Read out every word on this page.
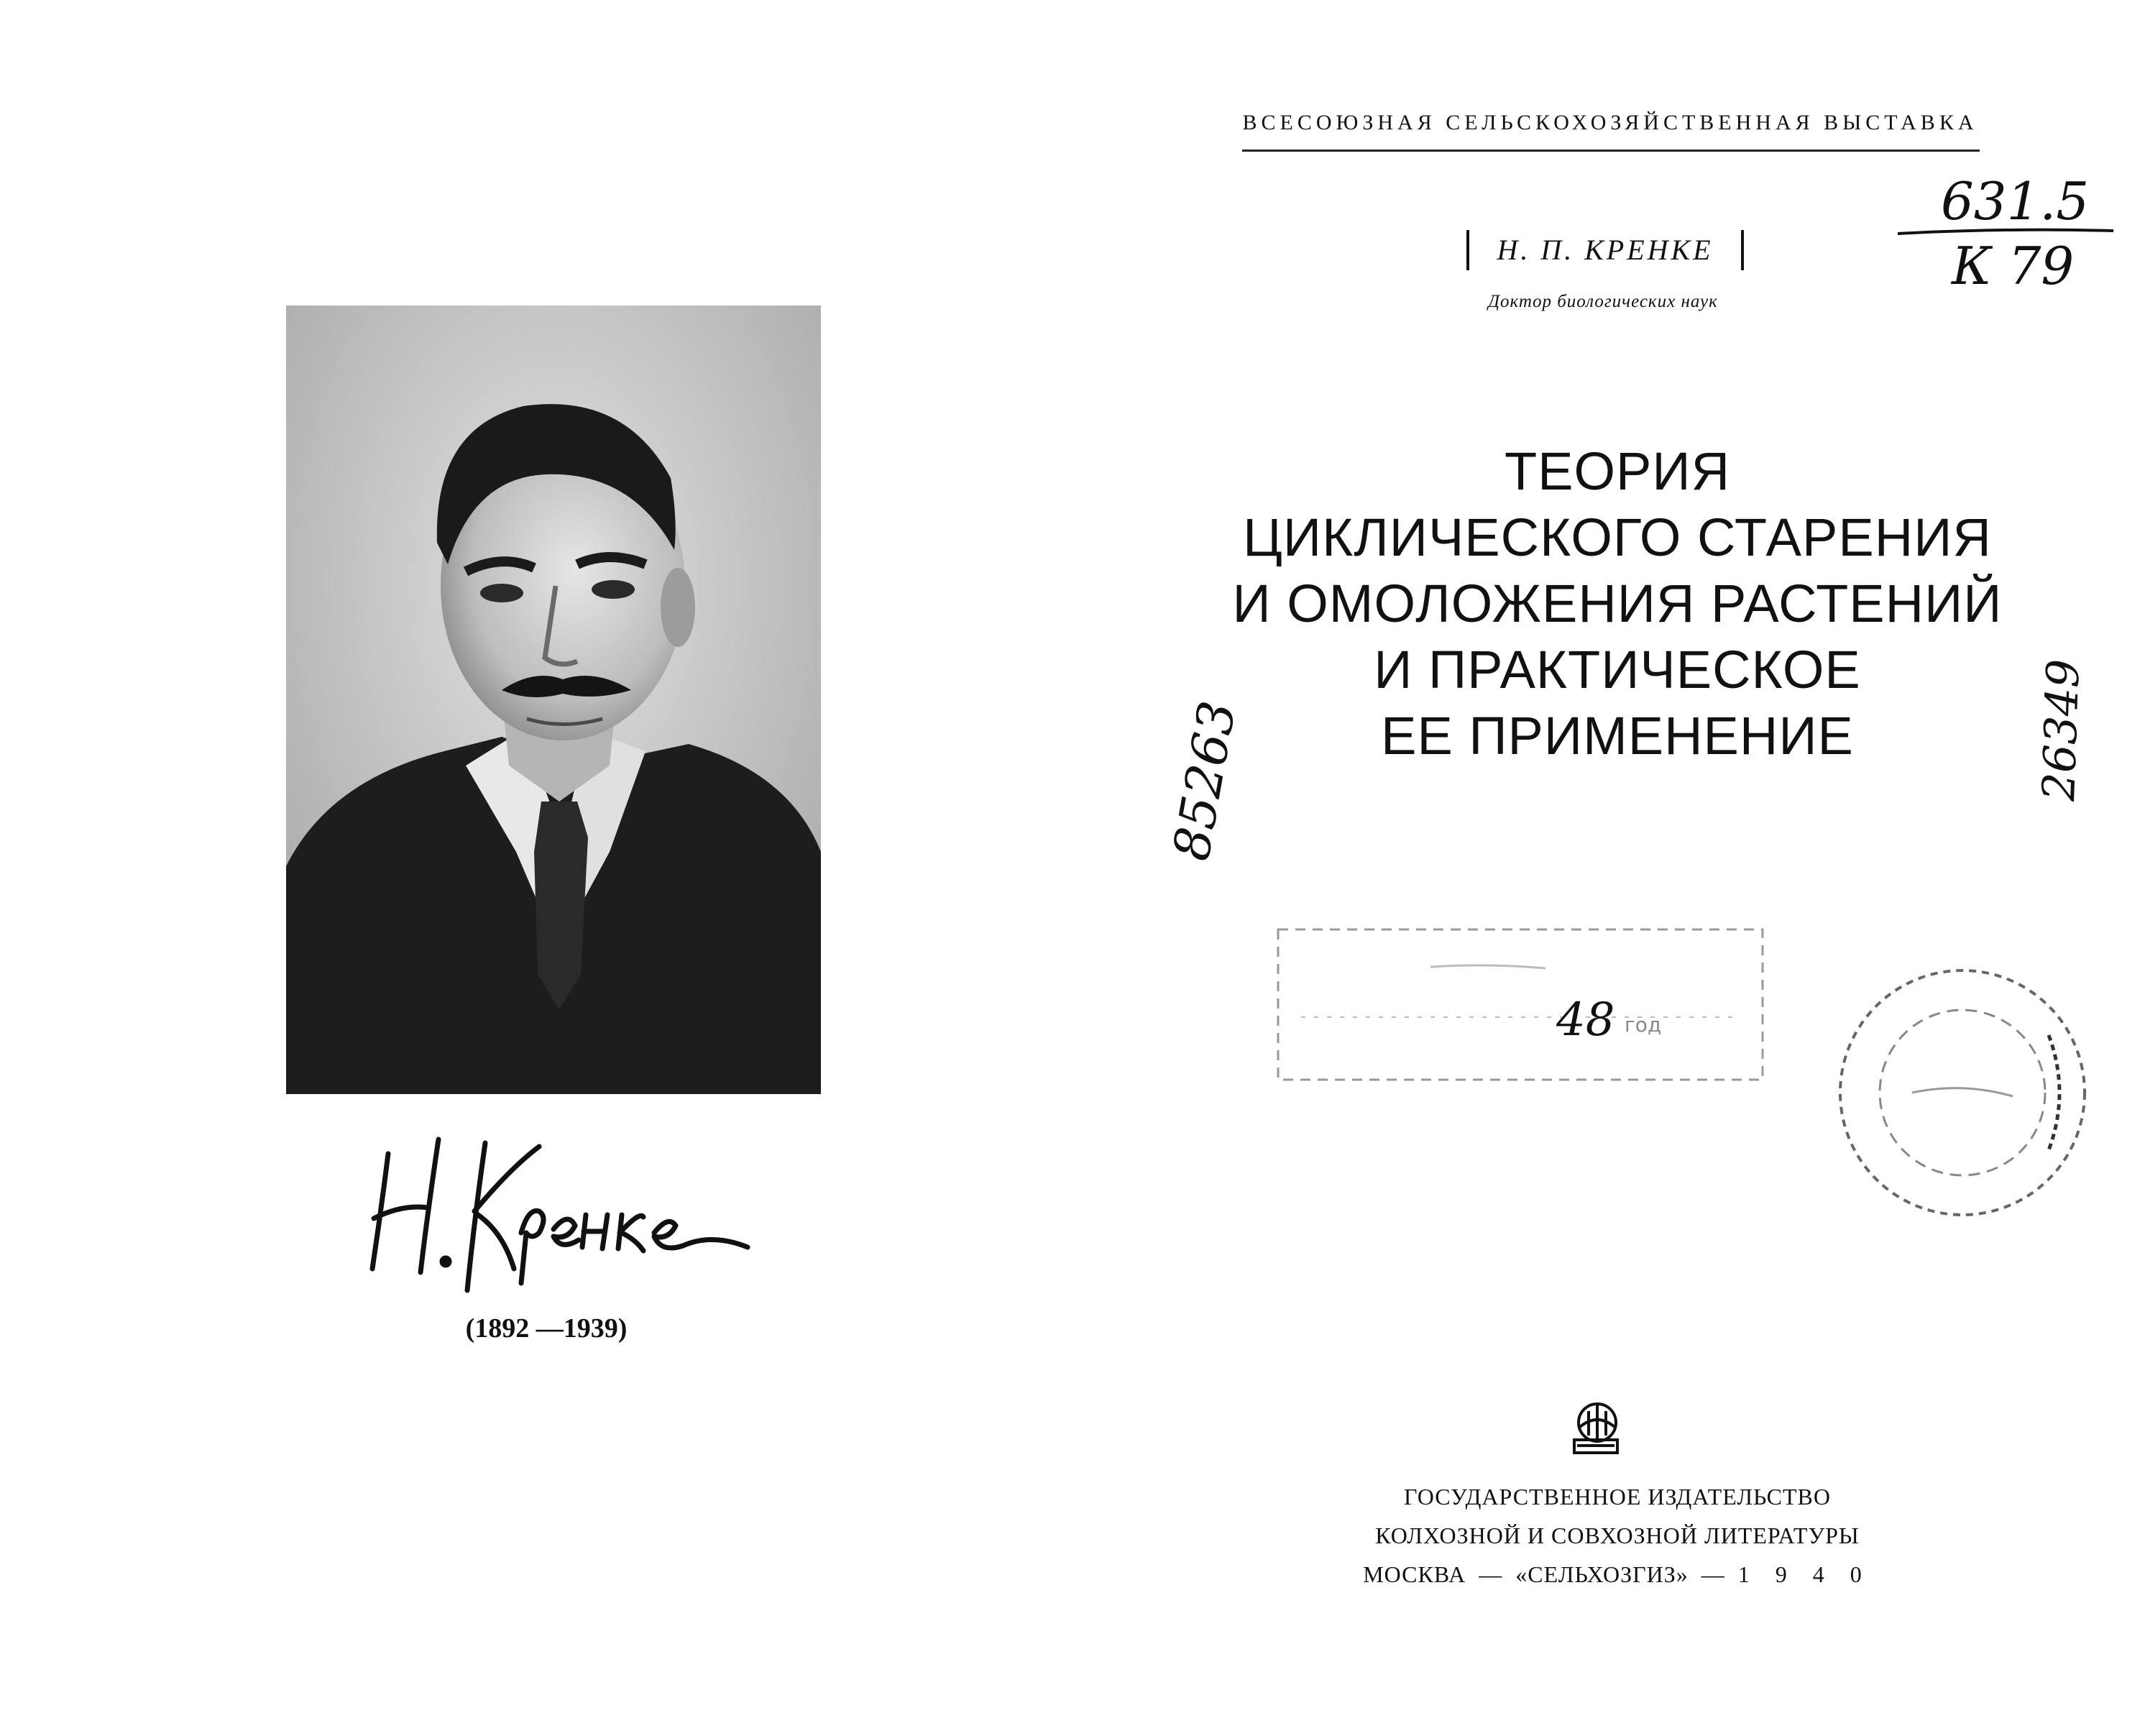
(1892 —1939)
ВСЕСОЮЗНАЯ СЕЛЬСКОХОЗЯЙСТВЕННАЯ ВЫСТАВКА
Н. П. КРЕНКЕ
Доктор биологических наук
ТЕОРИЯ
ЦИКЛИЧЕСКОГО СТАРЕНИЯ
И ОМОЛОЖЕНИЯ РАСТЕНИЙ
И ПРАКТИЧЕСКОЕ
ЕЕ ПРИМЕНЕНИЕ
ГОСУДАРСТВЕННОЕ ИЗДАТЕЛЬСТВО
КОЛХОЗНОЙ И СОВХОЗНОЙ ЛИТЕРАТУРЫ
МОСКВА — «СЕЛЬХОЗГИЗ» — 1 9 4 0
631.5
К 79
85263	26349
48 год
